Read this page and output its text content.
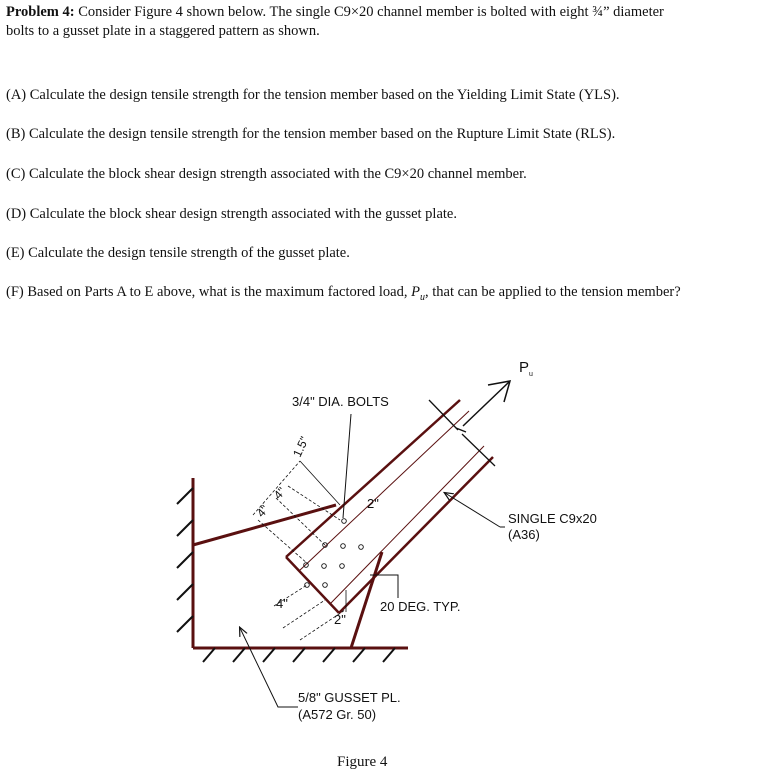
Problem 4: Consider Figure 4 shown below. The single C9×20 channel member is bolted with eight ¾” diameter
bolts to a gusset plate in a staggered pattern as shown.
(A) Calculate the design tensile strength for the tension member based on the Yielding Limit State (YLS).
(B) Calculate the design tensile strength for the tension member based on the Rupture Limit State (RLS).
(C) Calculate the block shear design strength associated with the C9×20 channel member.
(D) Calculate the block shear design strength associated with the gusset plate.
(E) Calculate the design tensile strength of the gusset plate.
(F) Based on Parts A to E above, what is the maximum factored load, $P_u$, that can be applied to the tension member?
$P_u$
3/4" DIA. BOLTS
1.5"
4"
4"
2"
4"
2"
20 DEG. TYP.
SINGLE C9x20
(A36)
5/8" GUSSET PL.
(A572 Gr. 50)
Figure 4
